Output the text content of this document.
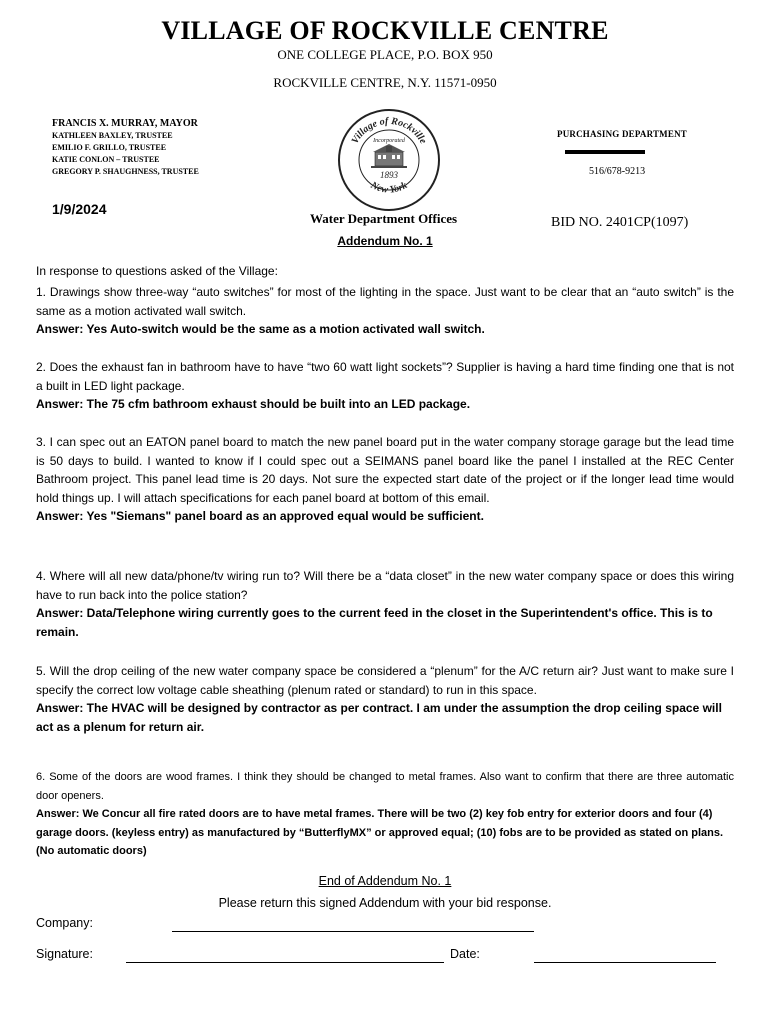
VILLAGE OF ROCKVILLE CENTRE
ONE COLLEGE PLACE, P.O. BOX 950
ROCKVILLE CENTRE, N.Y. 11571-0950
FRANCIS X. MURRAY, MAYOR
KATHLEEN BAXLEY, TRUSTEE
EMILIO F. GRILLO, TRUSTEE
KATIE CONLON – TRUSTEE
GREGORY P. SHAUGHNESS, TRUSTEE
Village of Rockville
New York
Incorporated
1893
PURCHASING DEPARTMENT
516/678-9213
1/9/2024
Water Department Offices
Addendum No. 1
BID NO. 2401CP(1097)

In response to questions asked of the Village:

1. Drawings show three-way “auto switches” for most of the lighting in the space. Just want to be clear that an “auto switch” is the same as a motion activated wall switch.

Answer: Yes Auto-switch would be the same as a motion activated wall switch.

2. Does the exhaust fan in bathroom have to have “two 60 watt light sockets”? Supplier is having a hard time finding one that is not a built in LED light package.

Answer: The 75 cfm bathroom exhaust should be built into an LED package.

3. I can spec out an EATON panel board to match the new panel board put in the water company storage garage but the lead time is 50 days to build. I wanted to know if I could spec out a SEIMANS panel board like the panel I installed at the REC Center Bathroom project. This panel lead time is 20 days. Not sure the expected start date of the project or if the longer lead time would hold things up. I will attach specifications for each panel board at bottom of this email.

Answer: Yes "Siemans" panel board as an approved equal would be sufficient.

4. Where will all new data/phone/tv wiring run to? Will there be a “data closet” in the new water company space or does this wiring have to run back into the police station?

Answer: Data/Telephone wiring currently goes to the current feed in the closet in the Superintendent's office. This is to remain.

5. Will the drop ceiling of the new water company space be considered a “plenum” for the A/C return air? Just want to make sure I specify the correct low voltage cable sheathing (plenum rated or standard) to run in this space.

Answer: The HVAC will be designed by contractor as per contract. I am under the assumption the drop ceiling space will act as a plenum for return air.

6. Some of the doors are wood frames. I think they should be changed to metal frames. Also want to confirm that there are three automatic door openers.

Answer: We Concur all fire rated doors are to have metal frames. There will be two (2) key fob entry for exterior doors and four (4) garage doors. (keyless entry) as manufactured by “ButterflyMX” or approved equal; (10) fobs are to be provided as stated on plans. (No automatic doors)

End of Addendum No. 1
Please return this signed Addendum with your bid response.
Company:
Signature:	Date:
